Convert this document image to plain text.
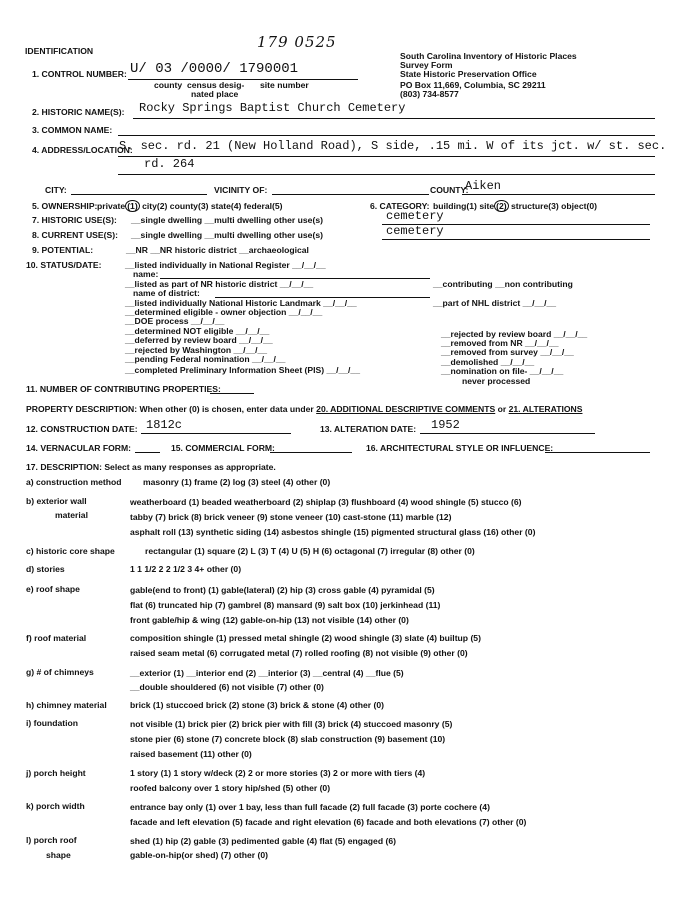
179 0525
South Carolina Inventory of Historic Places
Survey Form
State Historic Preservation Office
PO Box 11,669, Columbia, SC 29211
(803) 734-8577
IDENTIFICATION
1. CONTROL NUMBER: U/ 03 /0000/ 1790001
county census desig-
nated place
site number
2. HISTORIC NAME(S): Rocky Springs Baptist Church Cemetery
3. COMMON NAME:
4. ADDRESS/LOCATION:
S. sec. rd. 21 (New Holland Road), S side, .15 mi. W of its jct. w/ st. sec.
rd. 264
CITY:	VICINITY OF:	COUNTY:
Aiken
5. OWNERSHIP: private (1) city(2) county(3) state(4) federal(5)	6. CATEGORY: building(1) site (2) structure(3) object(0)
7. HISTORIC USE(S): __single dwelling __multi dwelling other use(s)	cemetery
8. CURRENT USE(S): __single dwelling __multi dwelling other use(s)	cemetery
9. POTENTIAL:	__NR __NR historic district __archaeological
10. STATUS/DATE:	__listed individually in National Register __/__/__
name:
__listed as part of NR historic district __/__/__
name of district:
__listed individually National Historic Landmark __/__/__
__determined eligible - owner objection __/__/__
__DOE process __/__/__
__determined NOT eligible __/__/__
__deferred by review board __/__/__
__rejected by Washington __/__/__
__pending Federal nomination __/__/__
__completed Preliminary Information Sheet (PIS) __/__/__
__contributing __non contributing
__part of NHL district __/__/__
__rejected by review board __/__/__
__removed from NR __/__/__
__removed from survey __/__/__
__demolished __/__/__
__nomination on file- __/__/__
never processed
11. NUMBER OF CONTRIBUTING PROPERTIES:
PROPERTY DESCRIPTION: When other (0) is chosen, enter data under 20. ADDITIONAL DESCRIPTIVE COMMENTS or 21. ALTERATIONS
12. CONSTRUCTION DATE: 1812c	13. ALTERATION DATE: 1952
14. VERNACULAR FORM:	15. COMMERCIAL FORM:	16. ARCHITECTURAL STYLE OR INFLUENCE:
17. DESCRIPTION: Select as many responses as appropriate.
a) construction method	masonry (1) frame (2) log (3) steel (4) other (0)
b) exterior wall
material
weatherboard (1) beaded weatherboard (2) shiplap (3) flushboard (4) wood shingle (5) stucco (6)
tabby (7) brick (8) brick veneer (9) stone veneer (10) cast-stone (11) marble (12)
asphalt roll (13) synthetic siding (14) asbestos shingle (15) pigmented structural glass (16) other (0)
c) historic core shape	rectangular (1) square (2) L (3) T (4) U (5) H (6) octagonal (7) irregular (8) other (0)
d) stories	1 1 1/2 2 2 1/2 3 4+ other (0)
e) roof shape	gable(end to front) (1) gable(lateral) (2) hip (3) cross gable (4) pyramidal (5)
flat (6) truncated hip (7) gambrel (8) mansard (9) salt box (10) jerkinhead (11)
front gable/hip & wing (12) gable-on-hip (13) not visible (14) other (0)
f) roof material	composition shingle (1) pressed metal shingle (2) wood shingle (3) slate (4) builtup (5)
raised seam metal (6) corrugated metal (7) rolled roofing (8) not visible (9) other (0)
g) # of chimneys	__exterior (1) __interior end (2) __interior (3) __central (4) __flue (5)
__double shouldered (6) not visible (7) other (0)
h) chimney material	brick (1) stuccoed brick (2) stone (3) brick & stone (4) other (0)
i) foundation	not visible (1) brick pier (2) brick pier with fill (3) brick (4) stuccoed masonry (5)
stone pier (6) stone (7) concrete block (8) slab construction (9) basement (10)
raised basement (11) other (0)
j) porch height	1 story (1) 1 story w/deck (2) 2 or more stories (3) 2 or more with tiers (4)
roofed balcony over 1 story hip/shed (5) other (0)
k) porch width	entrance bay only (1) over 1 bay, less than full facade (2) full facade (3) porte cochere (4)
facade and left elevation (5) facade and right elevation (6) facade and both elevations (7) other (0)
l) porch roof
shape
shed (1) hip (2) gable (3) pedimented gable (4) flat (5) engaged (6)
gable-on-hip(or shed) (7) other (0)
